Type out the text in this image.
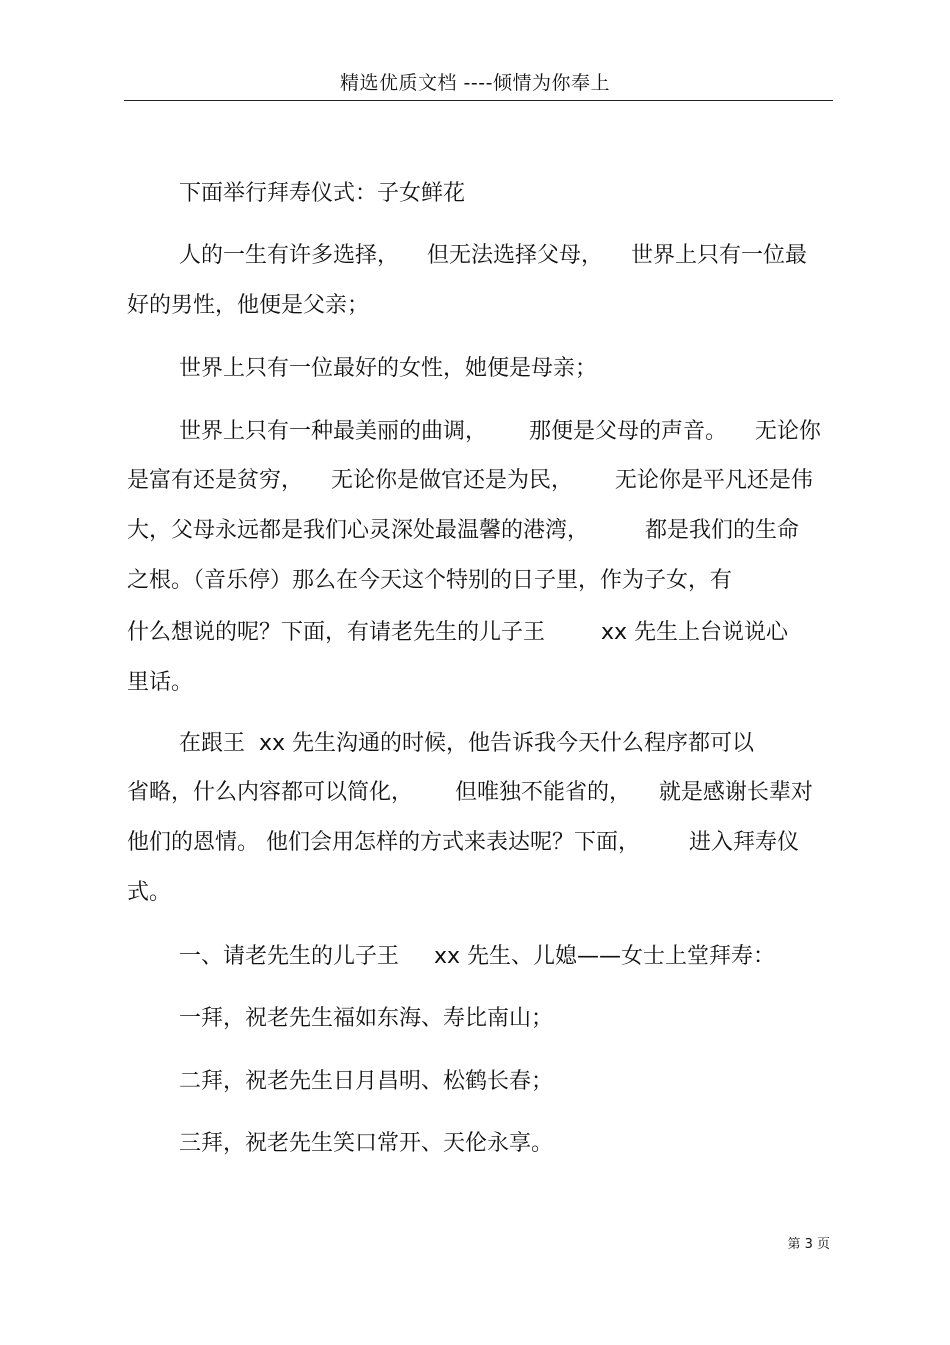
精选优质文档 ----倾情为你奉上
下面举行拜寿仪式：子女鲜花
人的一生有许多选择，    但无法选择父母，    世界上只有一位最
好的男性，他便是父亲；
世界上只有一位最好的女性，她便是母亲；
世界上只有一种最美丽的曲调，      那便是父母的声音。    无论你
是富有还是贫穷，    无论你是做官还是为民，      无论你是平凡还是伟
大，父母永远都是我们心灵深处最温馨的港湾，        都是我们的生命
之根。（音乐停）那么在今天这个特别的日子里，作为子女，有
什么想说的呢？下面，有请老先生的儿子王        xx 先生上台说说心
里话。
在跟王  xx 先生沟通的时候，他告诉我今天什么程序都可以
省略，什么内容都可以简化，      但唯独不能省的，    就是感谢长辈对
他们的恩情。 他们会用怎样的方式来表达呢？下面，       进入拜寿仪
式。
一、请老先生的儿子王     xx 先生、儿媳——女士上堂拜寿：
一拜，祝老先生福如东海、寿比南山；
二拜，祝老先生日月昌明、松鹤长春；
三拜，祝老先生笑口常开、天伦永享。
第 3 页
